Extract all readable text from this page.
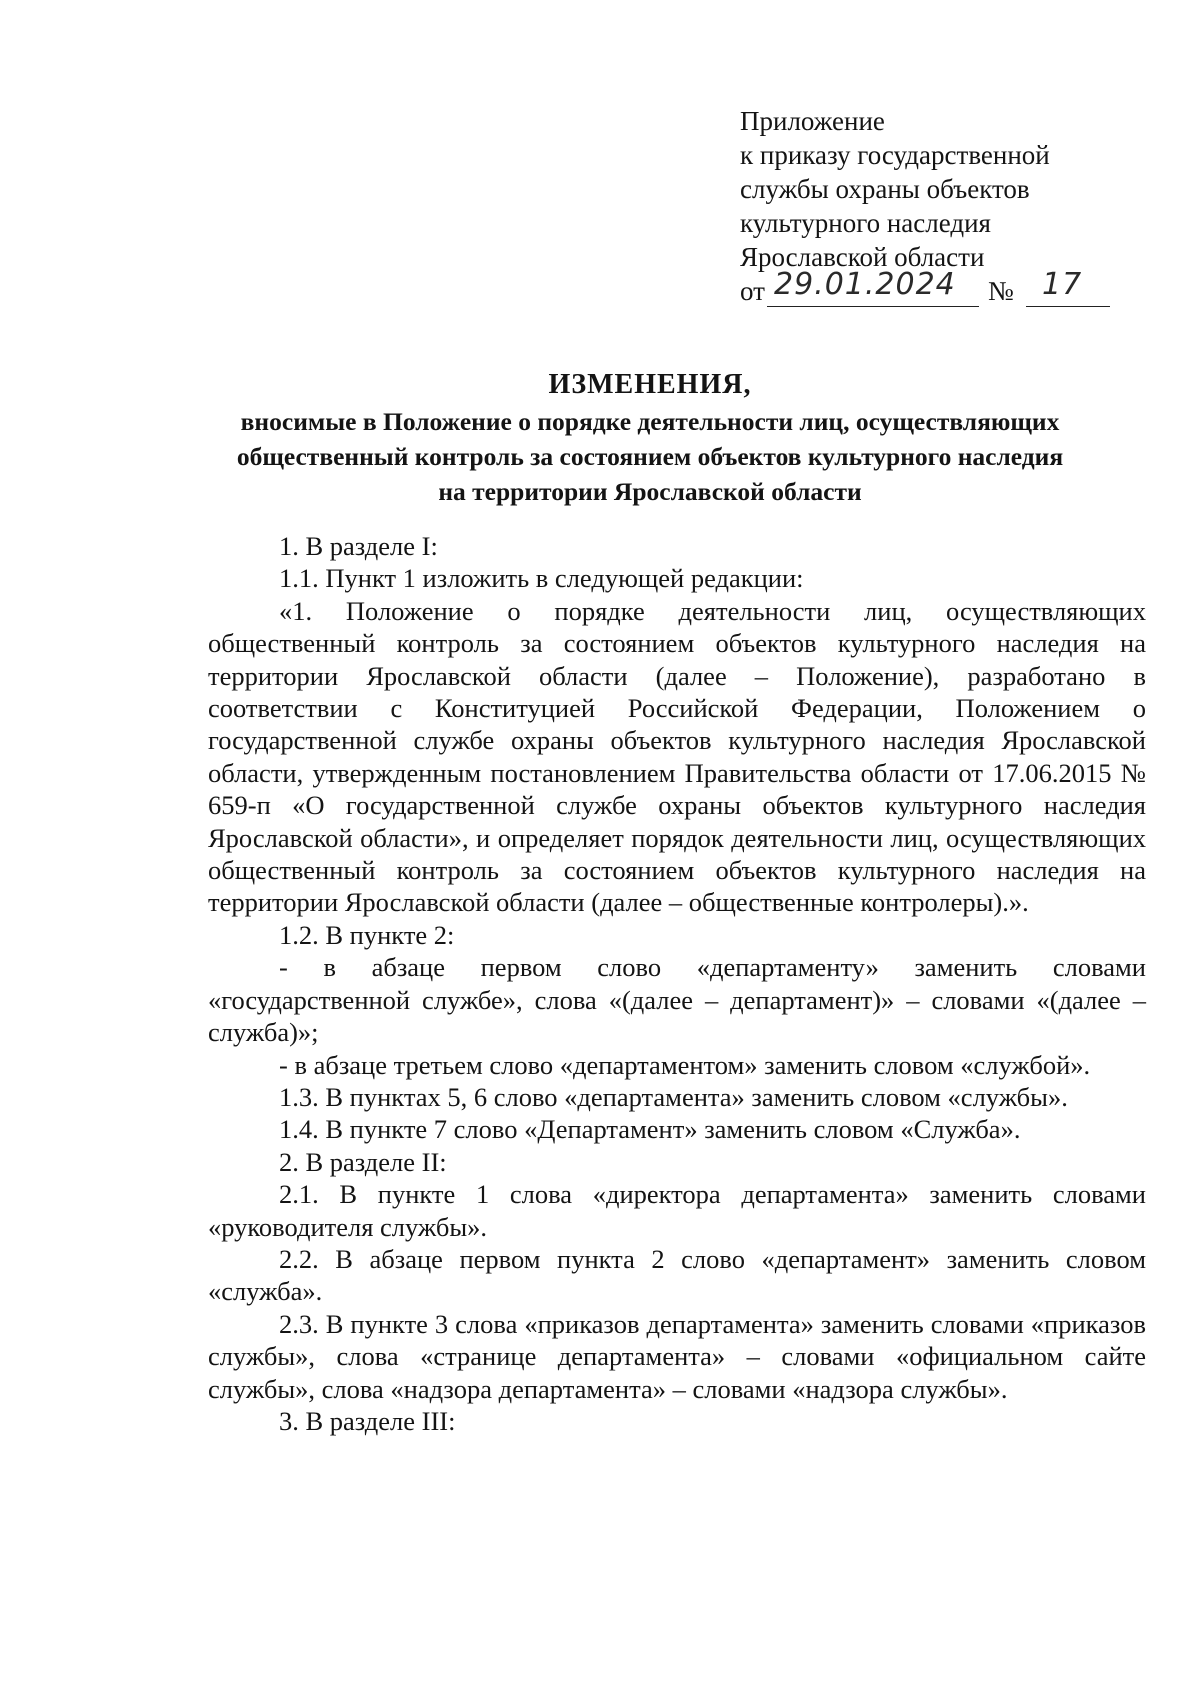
Приложение
к приказу государственной
службы охраны объектов
культурного наследия
Ярославской области
от 29.01.2024 № 17
ИЗМЕНЕНИЯ,
вносимые в Положение о порядке деятельности лиц, осуществляющих
общественный контроль за состоянием объектов культурного наследия
на территории Ярославской области

1. В разделе I:

1.1. Пункт 1 изложить в следующей редакции:

«1. Положение о порядке деятельности лиц, осуществляющих общественный контроль за состоянием объектов культурного наследия на территории Ярославской области (далее – Положение), разработано в соответствии с Конституцией Российской Федерации, Положением о государственной службе охраны объектов культурного наследия Ярославской области, утвержденным постановлением Правительства области от 17.06.2015 № 659-п «О государственной службе охраны объектов культурного наследия Ярославской области», и определяет порядок деятельности лиц, осуществляющих общественный контроль за состоянием объектов культурного наследия на территории Ярославской области (далее – общественные контролеры).».

1.2. В пункте 2:

- в абзаце первом слово «департаменту» заменить словами «государственной службе», слова «(далее – департамент)» – словами «(далее – служба)»;

- в абзаце третьем слово «департаментом» заменить словом «службой».

1.3. В пунктах 5, 6 слово «департамента» заменить словом «службы».

1.4. В пункте 7 слово «Департамент» заменить словом «Служба».

2. В разделе II:

2.1. В пункте 1 слова «директора департамента» заменить словами «руководителя службы».

2.2. В абзаце первом пункта 2 слово «департамент» заменить словом «служба».

2.3. В пункте 3 слова «приказов департамента» заменить словами «приказов службы», слова «странице департамента» – словами «официальном сайте службы», слова «надзора департамента» – словами «надзора службы».

3. В разделе III:
